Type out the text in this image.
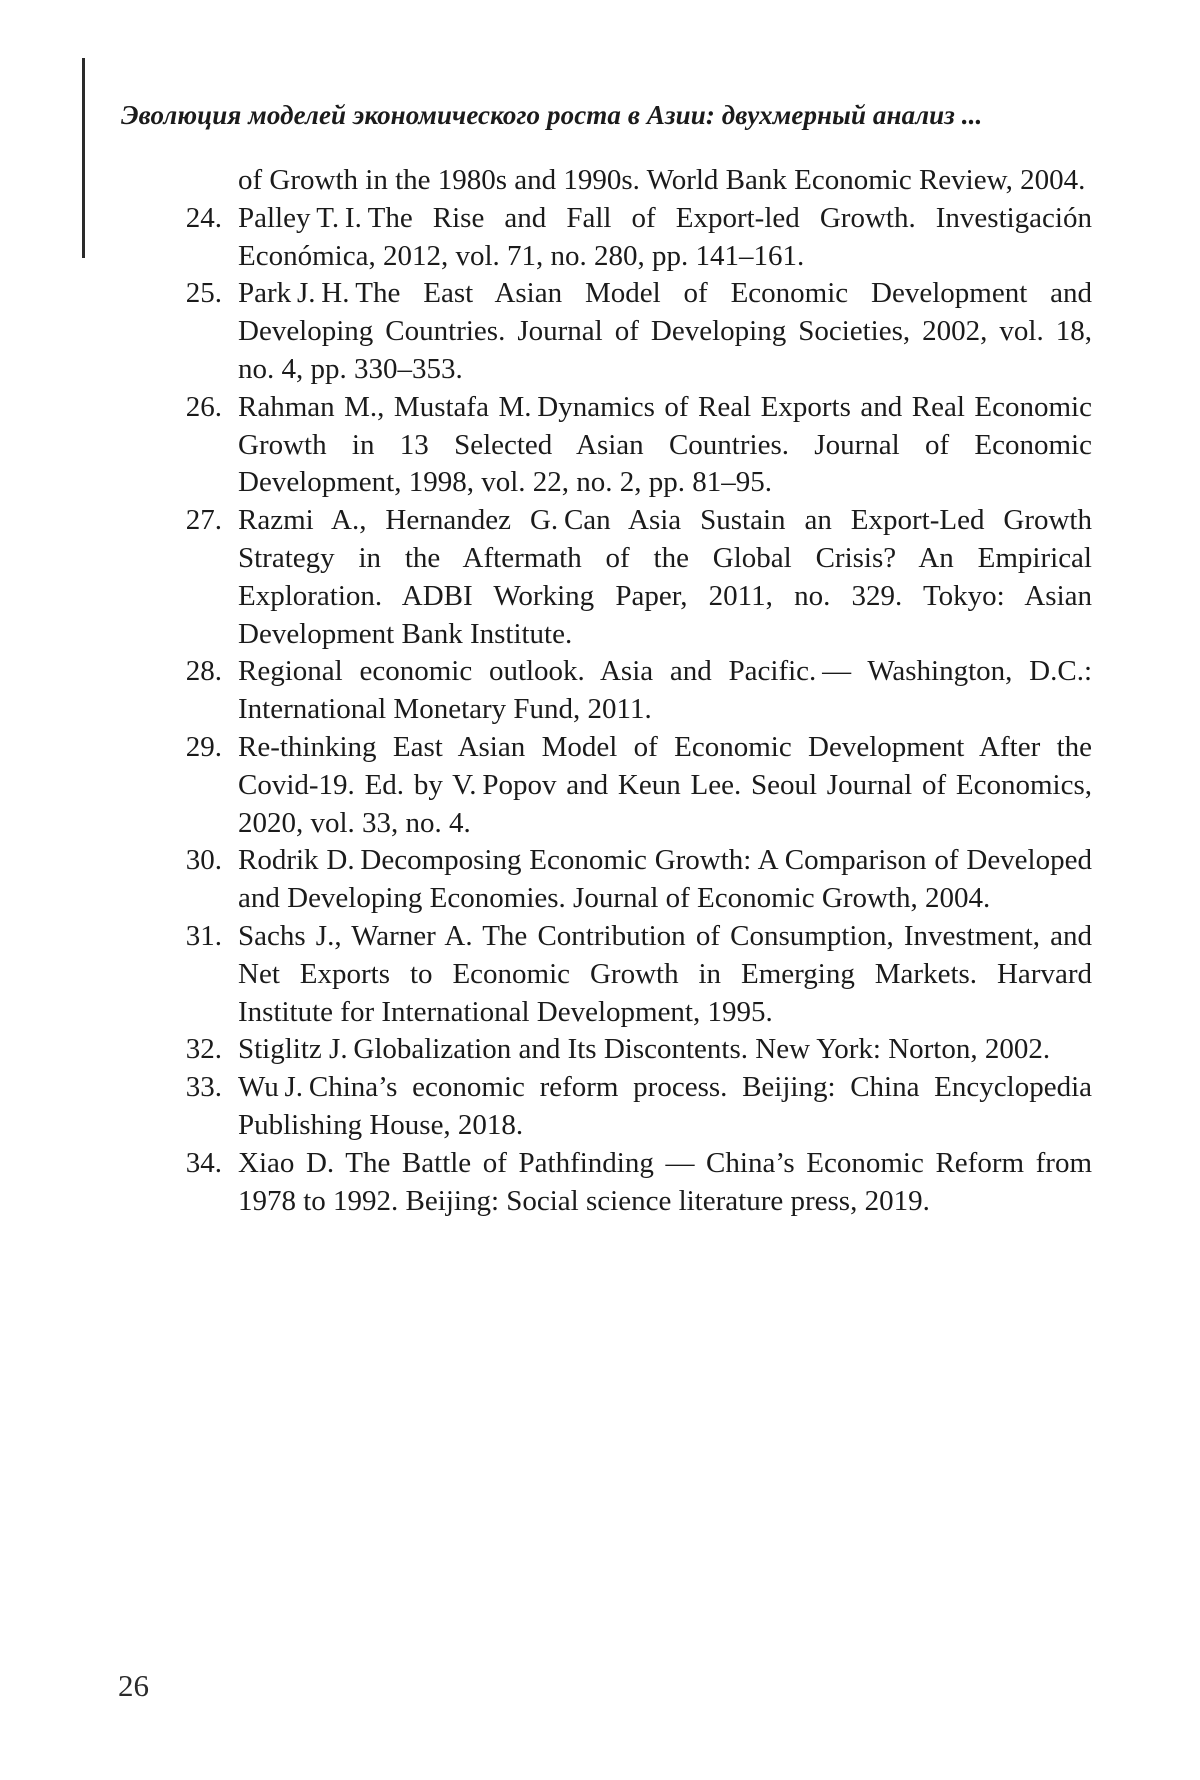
Эволюция моделей экономического роста в Азии: двухмерный анализ ...

of Growth in the 1980s and 1990s. World Bank Economic Review, 2004.

24. Palley T. I. The Rise and Fall of Export-led Growth. Investigación Económica, 2012, vol. 71, no. 280, pp. 141–161.
25. Park J. H. The East Asian Model of Economic Development and Developing Countries. Journal of Developing Societies, 2002, vol. 18, no. 4, pp. 330–353.
26. Rahman M., Mustafa M. Dynamics of Real Exports and Real Economic Growth in 13 Selected Asian Countries. Journal of Economic Development, 1998, vol. 22, no. 2, pp. 81–95.
27. Razmi A., Hernandez G. Can Asia Sustain an Export-Led Growth Strategy in the Aftermath of the Global Crisis? An Empirical Exploration. ADBI Working Paper, 2011, no. 329. Tokyo: Asian Development Bank Institute.
28. Regional economic outlook. Asia and Pacific. — Washington, D.C.: International Monetary Fund, 2011.
29. Re-thinking East Asian Model of Economic Development After the Covid-19. Ed. by V. Popov and Keun Lee. Seoul Journal of Economics, 2020, vol. 33, no. 4.
30. Rodrik D. Decomposing Economic Growth: A Comparison of Developed and Developing Economies. Journal of Economic Growth, 2004.
31. Sachs J., Warner A. The Contribution of Consumption, Investment, and Net Exports to Economic Growth in Emerging Markets. Harvard Institute for International Development, 1995.
32. Stiglitz J. Globalization and Its Discontents. New York: Norton, 2002.
33. Wu J. China’s economic reform process. Beijing: China Encyclopedia Publishing House, 2018.
34. Xiao D. The Battle of Pathfinding — China’s Economic Reform from 1978 to 1992. Beijing: Social science literature press, 2019.
26
